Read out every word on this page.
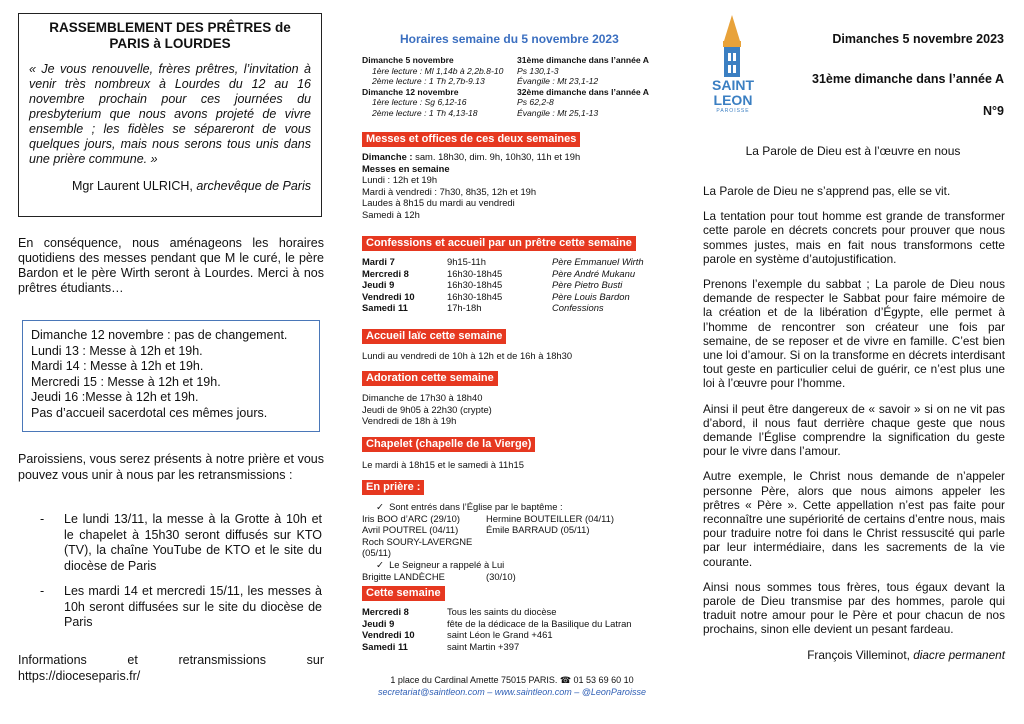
RASSEMBLEMENT DES PRÊTRES de PARIS à LOURDES

« Je vous renouvelle, frères prêtres, l’invitation à venir très nombreux à Lourdes du 12 au 16 novembre prochain pour ces journées du presbyterium que nous avons projeté de vivre ensemble ; les fidèles se sépareront de vous quelques jours, mais nous serons tous unis dans une prière commune. »

Mgr Laurent ULRICH, archevêque de Paris

En conséquence, nous aménageons les horaires quotidiens des messes pendant que M le curé, le père Bardon et le père Wirth seront à Lourdes. Merci à nos prêtres étudiants…

Dimanche 12 novembre : pas de changement.
Lundi 13 : Messe à 12h et 19h.
Mardi 14 : Messe à 12h et 19h.
Mercredi 15 : Messe à 12h et 19h.
Jeudi 16 :Messe à 12h et 19h.
Pas d’accueil sacerdotal ces mêmes jours.

Paroissiens, vous serez présents à notre prière et vous pouvez vous unir à nous par les retransmissions :

- Le lundi 13/11, la messe à la Grotte à 10h et le chapelet à 15h30 seront diffusés sur KTO (TV), la chaîne YouTube de KTO et le site du diocèse de Paris
- Les mardi 14 et mercredi 15/11, les messes à 10h seront diffusées sur le site du diocèse de Paris
Informations	et	retransmissions	sur
https://dioceseparis.fr/
Horaires semaine du 5 novembre 2023
Dimanche 5 novembre	31ème dimanche dans l’année A
1ère lecture : Ml 1,14b à 2,2b.8-10	Ps 130,1-3
2ème lecture : 1 Th 2,7b-9.13	Évangile : Mt 23,1-12
Dimanche 12 novembre	32ème dimanche dans l’année A
1ère lecture : Sg 6,12-16	Ps 62,2-8
2ème lecture : 1 Th 4,13-18	Évangile : Mt 25,1-13
Messes et offices de ces deux semaines
Dimanche : sam. 18h30, dim. 9h, 10h30, 11h et 19h
Messes en semaine
Lundi : 12h et 19h
Mardi à vendredi : 7h30, 8h35, 12h et 19h
Laudes à 8h15 du mardi au vendredi
Samedi à 12h
Confessions et accueil par un prêtre cette semaine
Mardi 7	9h15-11h	Père Emmanuel Wirth
Mercredi 8	16h30-18h45	Père André Mukanu
Jeudi 9	16h30-18h45	Père Pietro Busti
Vendredi 10	16h30-18h45	Père Louis Bardon
Samedi 11	17h-18h	Confessions
Accueil laïc cette semaine
Lundi au vendredi de 10h à 12h et de 16h à 18h30
Adoration cette semaine
Dimanche de 17h30 à 18h40
Jeudi de 9h05 à 22h30 (crypte)
Vendredi de 18h à 19h
Chapelet (chapelle de la Vierge)
Le mardi à 18h15 et le samedi à 11h15
En prière :
✓ Sont entrés dans l’Église par le baptême :
Iris BOO d’ARC (29/10)	Hermine BOUTEILLER (04/11)
Avril POUTREL (04/11)	Émile BARRAUD (05/11)
Roch SOURY-LAVERGNE (05/11)
✓ Le Seigneur a rappelé à Lui
Brigitte LANDÈCHE	(30/10)
Cette semaine
Mercredi 8	Tous les saints du diocèse
Jeudi 9	fête de la dédicace de la Basilique du Latran
Vendredi 10	saint Léon le Grand +461
Samedi 11	saint Martin +397
1 place du Cardinal Amette 75015 PARIS. ☎ 01 53 69 60 10
secretariat@saintleon.com – www.saintleon.com – @LeonParoisse
SAINT
LEON
PAROISSE
Dimanches 5 novembre 2023
31ème dimanche dans l’année A
N°9
La Parole de Dieu est à l’œuvre en nous

La Parole de Dieu ne s’apprend pas, elle se vit.

La tentation pour tout homme est grande de transformer cette parole en décrets concrets pour prouver que nous sommes justes, mais en fait nous transformons cette parole en système d’autojustification.

Prenons l’exemple du sabbat ; La parole de Dieu nous demande de respecter le Sabbat pour faire mémoire de la création et de la libération d’Égypte, elle permet à l’homme de rencontrer son créateur une fois par semaine, de se reposer et de vivre en famille. C’est bien une loi d’amour. Si on la transforme en décrets interdisant tout geste en particulier celui de guérir, ce n’est plus une loi à l’œuvre pour l’homme.

Ainsi il peut être dangereux de « savoir » si on ne vit pas d’abord, il nous faut derrière chaque geste que nous demande l’Église comprendre la signification du geste pour le vivre dans l’amour.

Autre exemple, le Christ nous demande de n’appeler personne Père, alors que nous aimons appeler les prêtres « Père ». Cette appellation n’est pas faite pour reconnaître une supériorité de certains d’entre nous, mais pour traduire notre foi dans le Christ ressuscité qui parle par leur intermédiaire, dans les sacrements de la vie courante.

Ainsi nous sommes tous frères, tous égaux devant la parole de Dieu transmise par des hommes, parole qui traduit notre amour pour le Père et pour chacun de nos prochains, sinon elle devient un pesant fardeau.

François Villeminot, diacre permanent
